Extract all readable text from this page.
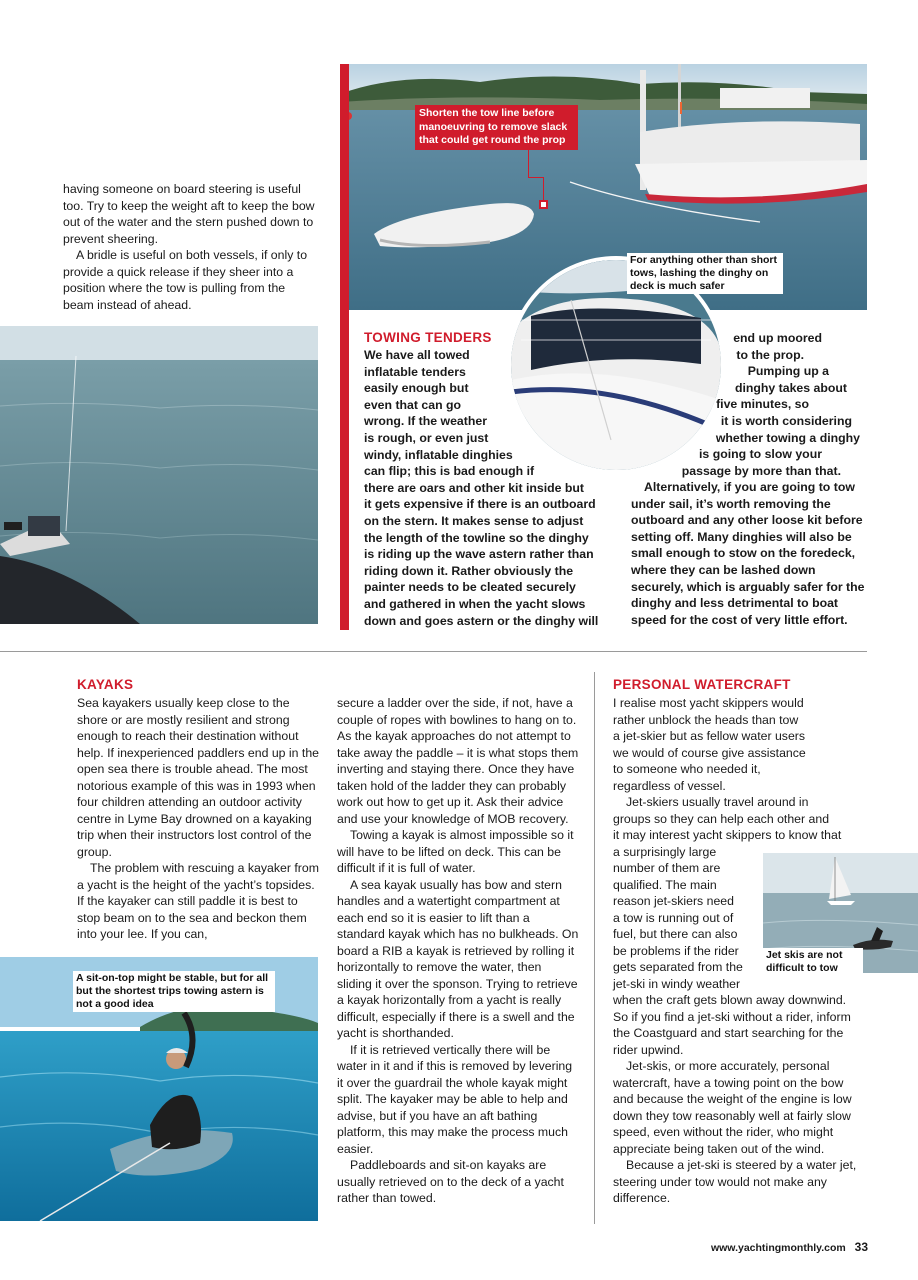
having someone on board steering is useful too. Try to keep the weight aft to keep the bow out of the water and the stern pushed down to prevent sheering.

A bridle is useful on both vessels, if only to provide a quick release if they sheer into a position where the tow is pulling from the beam instead of ahead.

Shorten the tow line before manoeuvring to remove slack that could get round the prop
For anything other than short tows, lashing the dinghy on deck is much safer
TOWING TENDERS

We have all towed

inflatable tenders

easily enough but

even that can go

wrong. If the weather

is rough, or even just

windy, inflatable dinghies

can flip; this is bad enough if

there are oars and other kit inside but

it gets expensive if there is an outboard

on the stern. It makes sense to adjust

the length of the towline so the dinghy

is riding up the wave astern rather than

riding down it. Rather obviously the

painter needs to be cleated securely

and gathered in when the yacht slows

down and goes astern or the dinghy will

end up moored

to the prop.

Pumping up a

dinghy takes about

five minutes, so

it is worth considering

whether towing a dinghy

is going to slow your

passage by more than that.

Alternatively, if you are going to tow under sail, it’s worth removing the outboard and any other loose kit before setting off. Many dinghies will also be small enough to stow on the foredeck, where they can be lashed down securely, which is arguably safer for the dinghy and less detrimental to boat speed for the cost of very little effort.

KAYAKS

Sea kayakers usually keep close to the shore or are mostly resilient and strong enough to reach their destination without help. If inexperienced paddlers end up in the open sea there is trouble ahead. The most notorious example of this was in 1993 when four children attending an outdoor activity centre in Lyme Bay drowned on a kayaking trip when their instructors lost control of the group.

The problem with rescuing a kayaker from a yacht is the height of the yacht’s topsides. If the kayaker can still paddle it is best to stop beam on to the sea and beckon them into your lee. If you can,

secure a ladder over the side, if not, have a couple of ropes with bowlines to hang on to. As the kayak approaches do not attempt to take away the paddle – it is what stops them inverting and staying there. Once they have taken hold of the ladder they can probably work out how to get up it. Ask their advice and use your knowledge of MOB recovery.

Towing a kayak is almost impossible so it will have to be lifted on deck. This can be difficult if it is full of water.

A sea kayak usually has bow and stern handles and a watertight compartment at each end so it is easier to lift than a standard kayak which has no bulkheads. On board a RIB a kayak is retrieved by rolling it horizontally to remove the water, then sliding it over the sponson. Trying to retrieve a kayak horizontally from a yacht is really difficult, especially if there is a swell and the yacht is shorthanded.

If it is retrieved vertically there will be water in it and if this is removed by levering it over the guardrail the whole kayak might split. The kayaker may be able to help and advise, but if you have an aft bathing platform, this may make the process much easier.

Paddleboards and sit-on kayaks are usually retrieved on to the deck of a yacht rather than towed.

A sit-on-top might be stable, but for all but the shortest trips towing astern is not a good idea
PERSONAL WATERCRAFT

I realise most yacht skippers would

rather unblock the heads than tow

a jet-skier but as fellow water users

we would of course give assistance

to someone who needed it,

regardless of vessel.

Jet-skiers usually travel around in

groups so they can help each other and

it may interest yacht skippers to know that

a surprisingly large

number of them are

qualified. The main

reason jet-skiers need

a tow is running out of

fuel, but there can also

be problems if the rider

gets separated from the

jet-ski in windy weather

when the craft gets blown away downwind. So if you find a jet-ski without a rider, inform the Coastguard and start searching for the rider upwind.

Jet-skis, or more accurately, personal watercraft, have a towing point on the bow and because the weight of the engine is low down they tow reasonably well at fairly slow speed, even without the rider, who might appreciate being taken out of the wind.

Because a jet-ski is steered by a water jet, steering under tow would not make any difference.

Jet skis are not difficult to tow
www.yachtingmonthly.com 33
